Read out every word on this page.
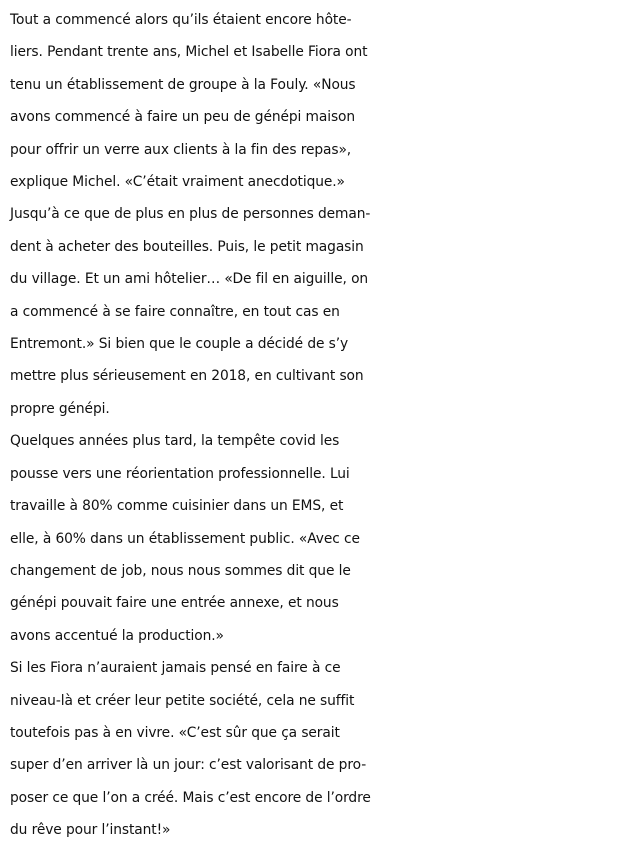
Tout a commencé alors qu’ils étaient encore hôte-
liers. Pendant trente ans, Michel et Isabelle Fiora ont
tenu un établissement de groupe à la Fouly. «Nous
avons commencé à faire un peu de génépi maison
pour offrir un verre aux clients à la fin des repas»,
explique Michel. «C’était vraiment anecdotique.»
Jusqu’à ce que de plus en plus de personnes deman-
dent à acheter des bouteilles. Puis, le petit magasin
du village. Et un ami hôtelier… «De fil en aiguille, on
a commencé à se faire connaître, en tout cas en
Entremont.» Si bien que le couple a décidé de s’y
mettre plus sérieusement en 2018, en cultivant son
propre génépi.

Quelques années plus tard, la tempête covid les
pousse vers une réorientation professionnelle. Lui
travaille à 80% comme cuisinier dans un EMS, et
elle, à 60% dans un établissement public. «Avec ce
changement de job, nous nous sommes dit que le
génépi pouvait faire une entrée annexe, et nous
avons accentué la production.»

Si les Fiora n’auraient jamais pensé en faire à ce
niveau-là et créer leur petite société, cela ne suffit
toutefois pas à en vivre. «C’est sûr que ça serait
super d’en arriver là un jour: c’est valorisant de pro-
poser ce que l’on a créé. Mais c’est encore de l’ordre
du rêve pour l’instant!»
